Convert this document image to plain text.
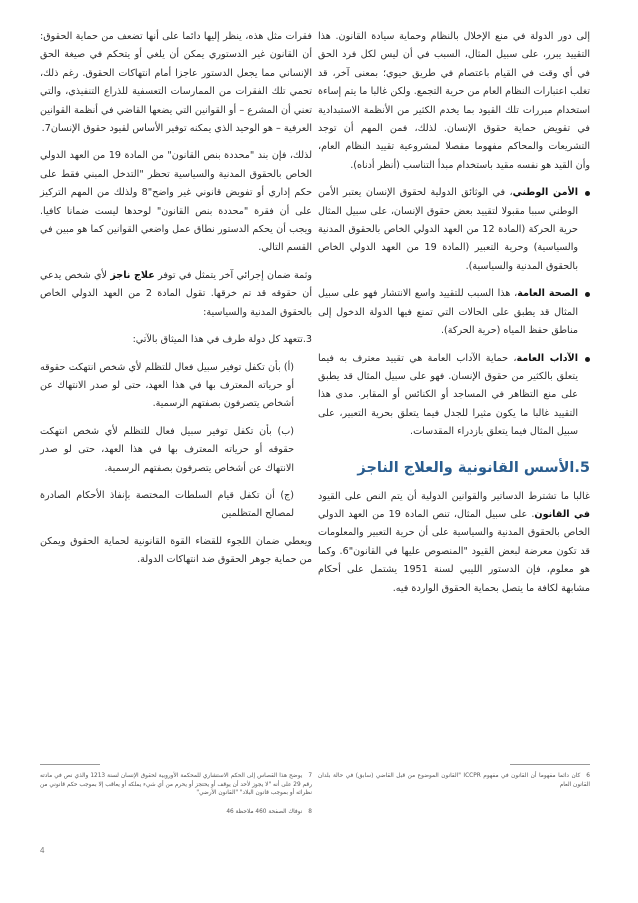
إلى دور الدولة في منع الإخلال بالنظام وحماية سيادة القانون. هذا التقييد يبرر، على سبيل المثال، السبب في أن ليس لكل فرد الحق في أي وقت في القيام باعتصام في طريق حيوي؛ بمعنى آخر، قد تغلب اعتبارات النظام العام من حرية التجمع. ولكن غالبا ما يتم إساءة استخدام مبررات تلك القيود بما يخدم الكثير من الأنظمة الاستبدادية في تقويض حماية حقوق الإنسان. لذلك، فمن المهم أن توجد التشريعات والمحاكم مفهوما مفصلا لمشروعية تقييد النظام العام، وأن القيد هو نفسه مقيد باستخدام مبدأ التناسب (أنظر أدناه).

الأمن الوطني، في الوثائق الدولية لحقوق الإنسان يعتبر الأمن الوطني سببا مقبولا لتقييد بعض حقوق الإنسان، على سبيل المثال حرية الحركة (المادة 12 من العهد الدولي الخاص بالحقوق المدنية والسياسية) وحرية التعبير (المادة 19 من العهد الدولي الخاص بالحقوق المدنية والسياسية).
الصحة العامة، هذا السبب للتقييد واسع الانتشار فهو على سبيل المثال قد يطبق على الحالات التي تمنع فيها الدولة الدخول إلى مناطق حفظ المياه (حرية الحركة).
الآداب العامة، حماية الآداب العامة هي تقييد معترف به فيما يتعلق بالكثير من حقوق الإنسان. فهو على سبيل المثال قد يطبق على منع التظاهر في المساجد أو الكنائس أو المقابر. مدى هذا التقييد غالبا ما يكون مثيرا للجدل فيما يتعلق بحرية التعبير، على سبيل المثال فيما يتعلق بازدراء المقدسات.
5.الأسس القانونية والعلاج الناجز

غالبا ما تشترط الدساتير والقوانين الدولية أن يتم النص على القيود في القانون. على سبيل المثال، تنص المادة 19 من العهد الدولي الخاص بالحقوق المدنية والسياسية على أن حرية التعبير والمعلومات قد تكون معرضة لبعض القيود "المنصوص عليها في القانون"6. وكما هو معلوم، فإن الدستور الليبي لسنة 1951 يشتمل على أحكام مشابهة لكافة ما يتصل بحماية الحقوق الواردة فيه.

فقرات مثل هذه، ينظر إليها دائما على أنها تضعف من حماية الحقوق: أن القانون غير الدستوري يمكن أن يلغي أو يتحكم في صيغة الحق الإنساني مما يجعل الدستور عاجزا أمام انتهاكات الحقوق. رغم ذلك، تحمي تلك الفقرات من الممارسات التعسفية للذراع التنفيذي، والتي تعني أن المشرع – أو القوانين التي يضعها القاضي في أنظمة القوانين العرفية – هو الوحيد الذي يمكنه توفير الأساس لقيود حقوق الإنسان7.

لذلك، فإن بند "محددة بنص القانون" من المادة 19 من العهد الدولي الخاص بالحقوق المدنية والسياسية تحظر "التدخل المبني فقط على حكم إداري أو تفويض قانوني غير واضح"8 ولذلك من المهم التركيز على أن فقرة "محددة بنص القانون" لوحدها ليست ضمانا كافيا. ويجب أن يحكم الدستور نطاق عمل واضعي القوانين كما هو مبين في القسم التالي.

وثمة ضمان إجرائي آخر يتمثل في توفر علاج ناجز لأي شخص يدعي أن حقوقه قد تم خرقها. تقول المادة 2 من العهد الدولي الخاص بالحقوق المدنية والسياسية:

3.تتعهد كل دولة طرف في هذا الميثاق بالآتي:

(أ) بأن تكفل توفير سبيل فعال للتظلم لأي شخص انتهكت حقوقه أو حرياته المعترف بها في هذا العهد، حتى لو صدر الانتهاك عن أشخاص يتصرفون بصفتهم الرسمية.

(ب) بأن تكفل توفير سبيل فعال للتظلم لأي شخص انتهكت حقوقه أو حرياته المعترف بها في هذا العهد، حتى لو صدر الانتهاك عن أشخاص يتصرفون بصفتهم الرسمية.

(ج) أن تكفل قيام السلطات المختصة بإنفاذ الأحكام الصادرة لمصالح المتظلمين

ويعطي ضمان اللجوء للقضاء القوة القانونية لحماية الحقوق ويمكن من حماية جوهر الحقوق ضد انتهاكات الدولة.

6كان دائما مفهوما أن القانون في مفهوم ICCPR "القانون الموضوع من قبل القاضي (سابق) في حالة بلدان القانون العام
7يوضح هذا القصاس إلى الحكم الاستشاري للمحكمة الأوروبية لحقوق الإنسان لسنة 1213 والذي نص في مادته رقم 29 على أنه "لا يجوز لأحد أن يوقف أو يحتجز أو يحرم من أي شيء يملكه أو يعاقب إلا بموجب حكم قانوني من نظرائه أو بموجب قانون البلاد" "القانون الأرضي"
8نوفاك الصفحة 460 ملاحظة 46
4
